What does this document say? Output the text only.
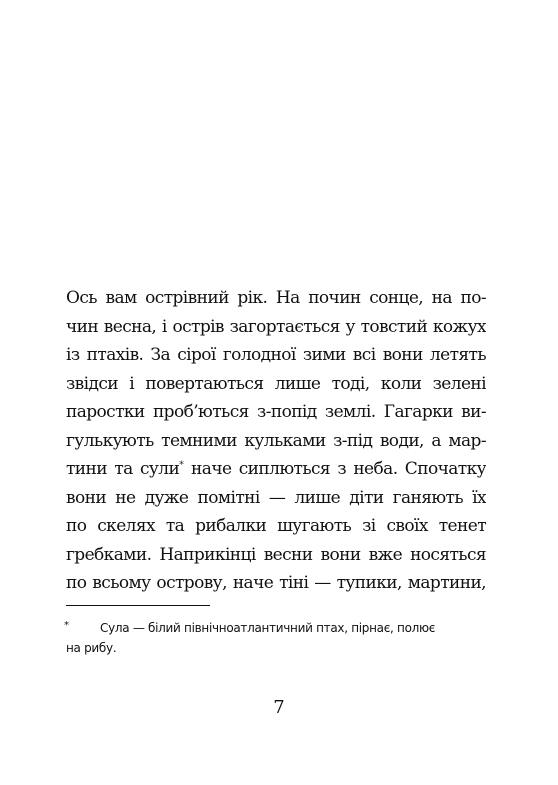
Ось вам острівний рік. На почин сонце, на по-
чин весна, і острів загортається у товстий кожух
із птахів. За сірої голодної зими всі вони летять
звідси і повертаються лише тоді, коли зелені
паростки проб’ються з-попід землі. Гагарки ви-
гулькують темними кульками з-під води, а мар-
тини та сули* наче сиплються з неба. Спочатку
вони не дуже помітні — лише діти ганяють їх
по скелях та рибалки шугають зі своїх тенет
гребками. Наприкінці весни вони вже носяться
по всьому острову, наче тіні — тупики, мартини,
*	Сула — білий північноатлантичний птах, пірнає, полює
на рибу.
7
